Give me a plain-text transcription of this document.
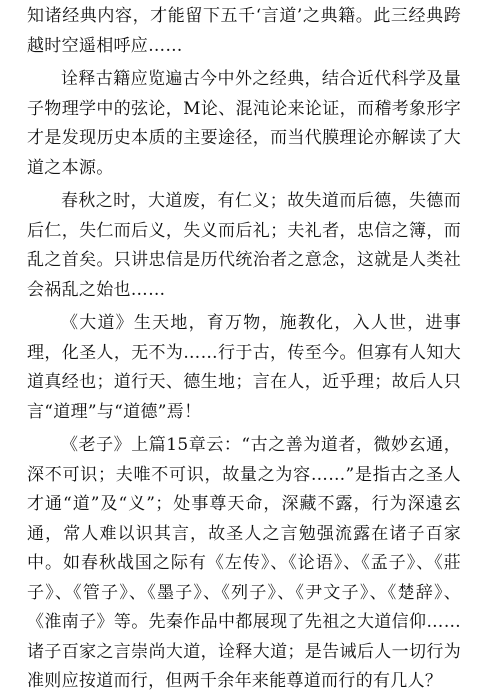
知诸经典内容，才能留下五千‘言道’之典籍。此三经典跨越时空遥相呼应……

诠释古籍应览遍古今中外之经典，结合近代科学及量子物理学中的弦论，M论、混沌论来论证，而稽考象形字才是发现历史本质的主要途径，而当代膜理论亦解读了大道之本源。

春秋之时，大道废，有仁义；故失道而后德，失德而后仁，失仁而后义，失义而后礼；夫礼者，忠信之簿，而乱之首矣。只讲忠信是历代统治者之意念，这就是人类社会祸乱之始也……

《大道》生天地，育万物，施教化，入人世，进事理，化圣人，无不为……行于古，传至今。但寡有人知大道真经也；道行天、德生地；言在人，近乎理；故后人只言“道理”与“道德”焉！

《老子》上篇15章云：“古之善为道者，微妙玄通，深不可识；夫唯不可识，故量之为容……”是指古之圣人才通“道”及“义”；处事尊天命，深藏不露，行为深遠玄通，常人难以识其言，故圣人之言勉强流露在诸子百家中。如春秋战国之际有《左传》、《论语》、《孟子》、《莊子》、《管子》、《墨子》、《列子》、《尹文子》、《楚辞》、《淮南子》等。先秦作品中都展现了先祖之大道信仰……诸子百家之言崇尚大道，诠释大道；是告诫后人一切行为准则应按道而行，但两千余年来能尊道而行的有几人？
